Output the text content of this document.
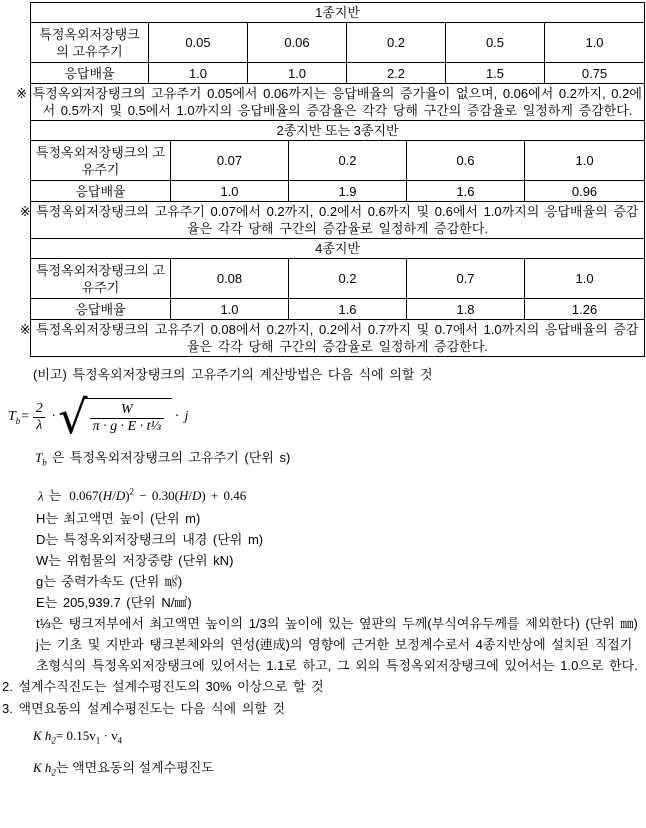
1종지반					
특정옥외저장탱크의 고유주기	0.05	0.06	0.2	0.5	1.0
응답배율	1.0	1.0	2.2	1.5	0.75
※ 특정옥외저장탱크의 고유주기 0.05에서 0.06까지는 응답배율의 증가율이 없으며, 0.06에서 0.2까지, 0.2에서 0.5까지 및 0.5에서 1.0까지의 응답배율의 증감율은 각각 당해 구간의 증감율로 일정하게 증감한다.					
2종지반 또는 3종지반				
특정옥외저장탱크의 고유주기	0.07	0.2	0.6	1.0
응답배율	1.0	1.9	1.6	0.96
※ 특정옥외저장탱크의 고유주기 0.07에서 0.2까지, 0.2에서 0.6까지 및 0.6에서 1.0까지의 응답배율의 증감율은 각각 당해 구간의 증감율로 일정하게 증감한다.				
4종지반				
특정옥외저장탱크의 고유주기	0.08	0.2	0.7	1.0
응답배율	1.0	1.6	1.8	1.26
※ 특정옥외저장탱크의 고유주기 0.08에서 0.2까지, 0.2에서 0.7까지 및 0.7에서 1.0까지의 응답배율의 증감율은 각각 당해 구간의 증감율로 일정하게 증감한다.				
(비고) 특정옥외저장탱크의 고유주기의 계산방법은 다음 식에 의할 것
$T_b= \frac{2}{\lambda}$ · √ $\frac{W}{\text{π · g · E · t⅓}} \cdot j$
$T_b$ 은 특정옥외저장탱크의 고유주기 (단위 s)
λ 는 $0.067(H/D)^2 - 0.30(H/D) + 0.46$
H는 최고액면 높이 (단위 m)
D는 특정옥외저장탱크의 내경 (단위 m)
W는 위험물의 저장중량 (단위 kN)
g는 중력가속도 (단위 ㎨)
E는 205,939.7 (단위 N/㎟)
t⅓은 탱크저부에서 최고액면 높이의 1/3의 높이에 있는 옆판의 두께(부식여유두께를 제외한다) (단위 ㎜)
j는 기초 및 지반과 탱크본체와의 연성(連成)의 영향에 근거한 보정계수로서 4종지반상에 설치된 직접기초형식의 특정옥외저장탱크에 있어서는 1.1로 하고, 그 외의 특정옥외저장탱크에 있어서는 1.0으로 한다.
2. 설계수직진도는 설계수평진도의 30% 이상으로 할 것
3. 액면요동의 설계수평진도는 다음 식에 의할 것
K $h_2= 0.15v_1 \cdot v_4$
K $h_2$는 액면요동의 설계수평진도
